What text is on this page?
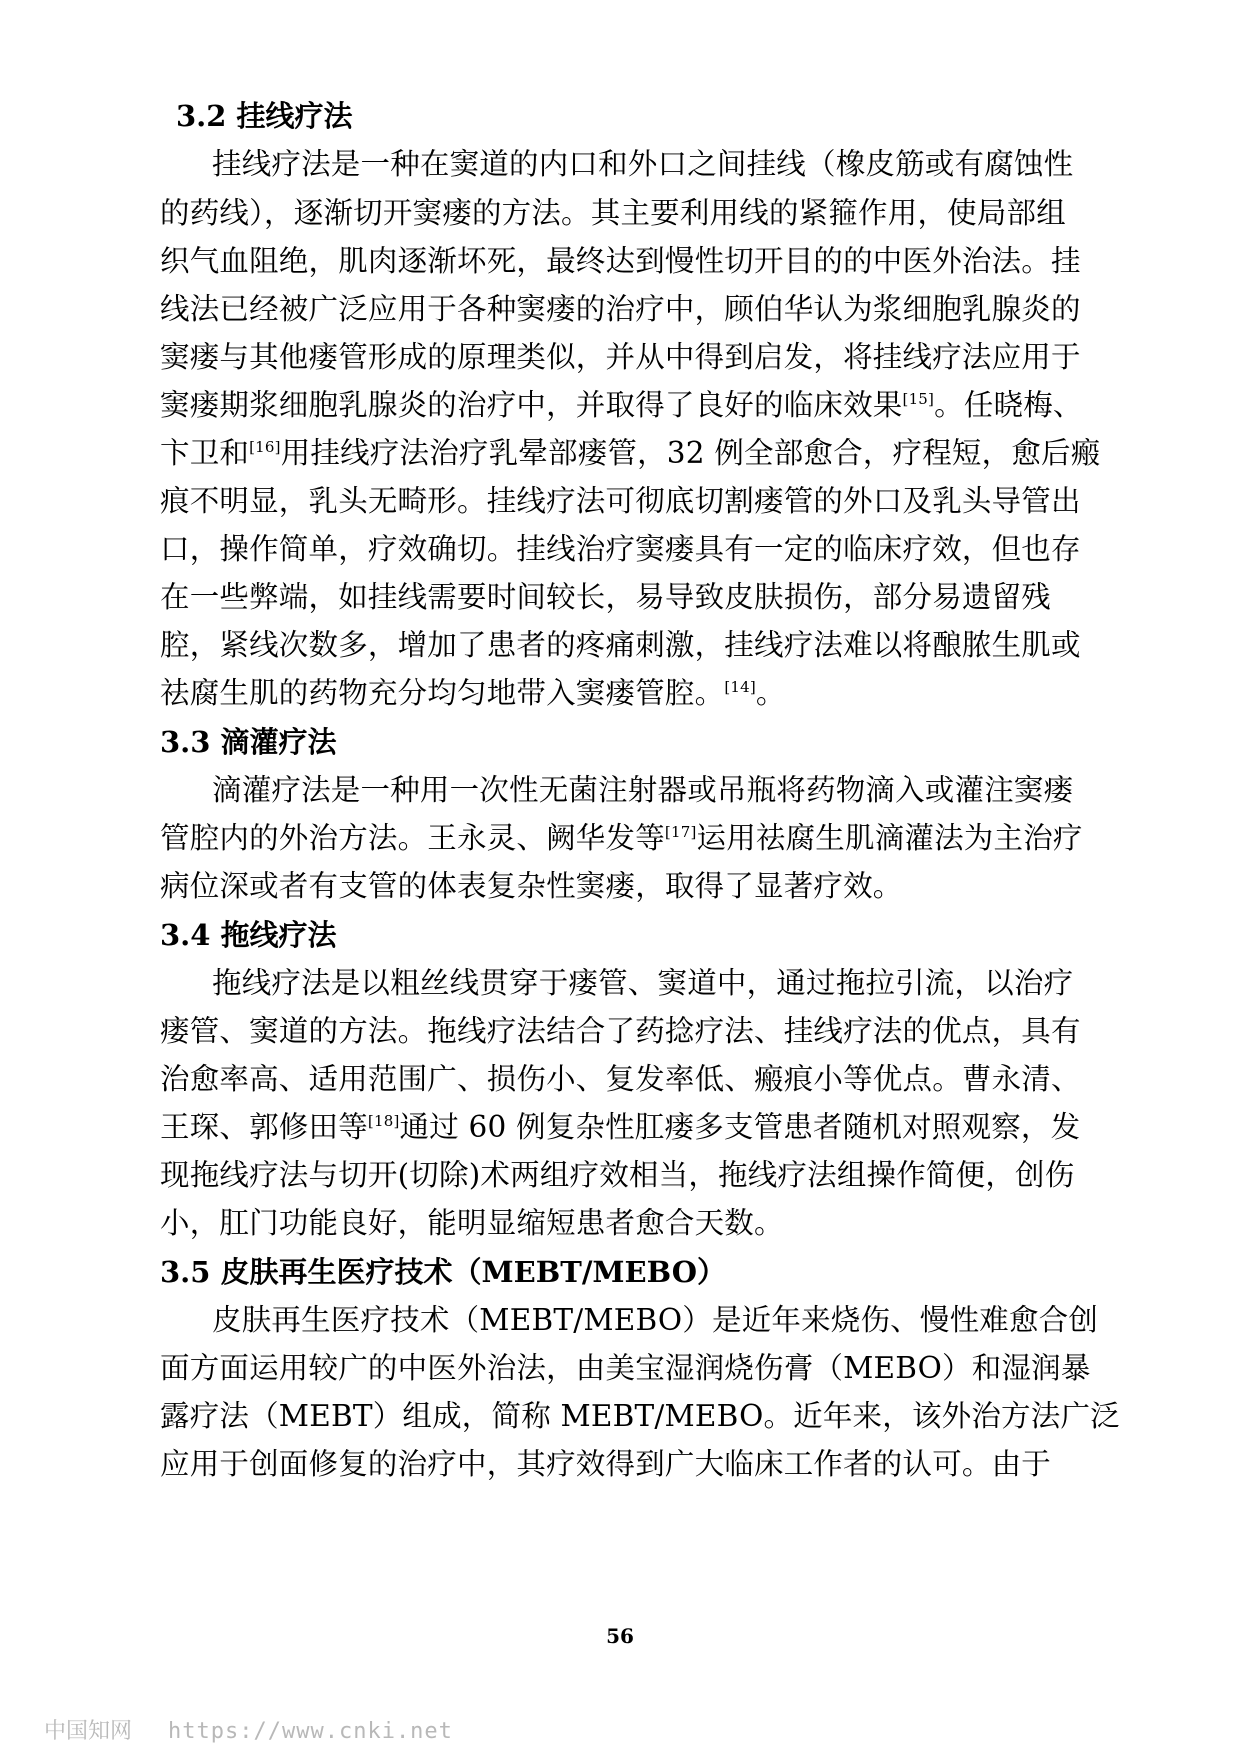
3.2 挂线疗法
挂线疗法是一种在窦道的内口和外口之间挂线（橡皮筋或有腐蚀性
的药线），逐渐切开窦瘘的方法。其主要利用线的紧箍作用，使局部组
织气血阻绝，肌肉逐渐坏死，最终达到慢性切开目的的中医外治法。挂
线法已经被广泛应用于各种窦瘘的治疗中，顾伯华认为浆细胞乳腺炎的
窦瘘与其他瘘管形成的原理类似，并从中得到启发，将挂线疗法应用于
窦瘘期浆细胞乳腺炎的治疗中，并取得了良好的临床效果[15]。任晓梅、
卞卫和[16]用挂线疗法治疗乳晕部瘘管，32 例全部愈合，疗程短，愈后瘢
痕不明显，乳头无畸形。挂线疗法可彻底切割瘘管的外口及乳头导管出
口，操作简单，疗效确切。挂线治疗窦瘘具有一定的临床疗效，但也存
在一些弊端，如挂线需要时间较长，易导致皮肤损伤，部分易遗留残
腔，紧线次数多，增加了患者的疼痛刺激，挂线疗法难以将酿脓生肌或
祛腐生肌的药物充分均匀地带入窦瘘管腔。[14]。
3.3 滴灌疗法
滴灌疗法是一种用一次性无菌注射器或吊瓶将药物滴入或灌注窦瘘
管腔内的外治方法。王永灵、阙华发等[17]运用祛腐生肌滴灌法为主治疗
病位深或者有支管的体表复杂性窦瘘，取得了显著疗效。
3.4 拖线疗法
拖线疗法是以粗丝线贯穿于瘘管、窦道中，通过拖拉引流，以治疗
瘘管、窦道的方法。拖线疗法结合了药捻疗法、挂线疗法的优点，具有
治愈率高、适用范围广、损伤小、复发率低、瘢痕小等优点。曹永清、
王琛、郭修田等[18]通过 60 例复杂性肛瘘多支管患者随机对照观察，发
现拖线疗法与切开(切除)术两组疗效相当，拖线疗法组操作简便，创伤
小，肛门功能良好，能明显缩短患者愈合天数。
3.5 皮肤再生医疗技术（MEBT/MEBO）
皮肤再生医疗技术（MEBT/MEBO）是近年来烧伤、慢性难愈合创
面方面运用较广的中医外治法，由美宝湿润烧伤膏（MEBO）和湿润暴
露疗法（MEBT）组成，简称 MEBT/MEBO。近年来，该外治方法广泛
应用于创面修复的治疗中，其疗效得到广大临床工作者的认可。由于
56
中国知网 https://www.cnki.net
